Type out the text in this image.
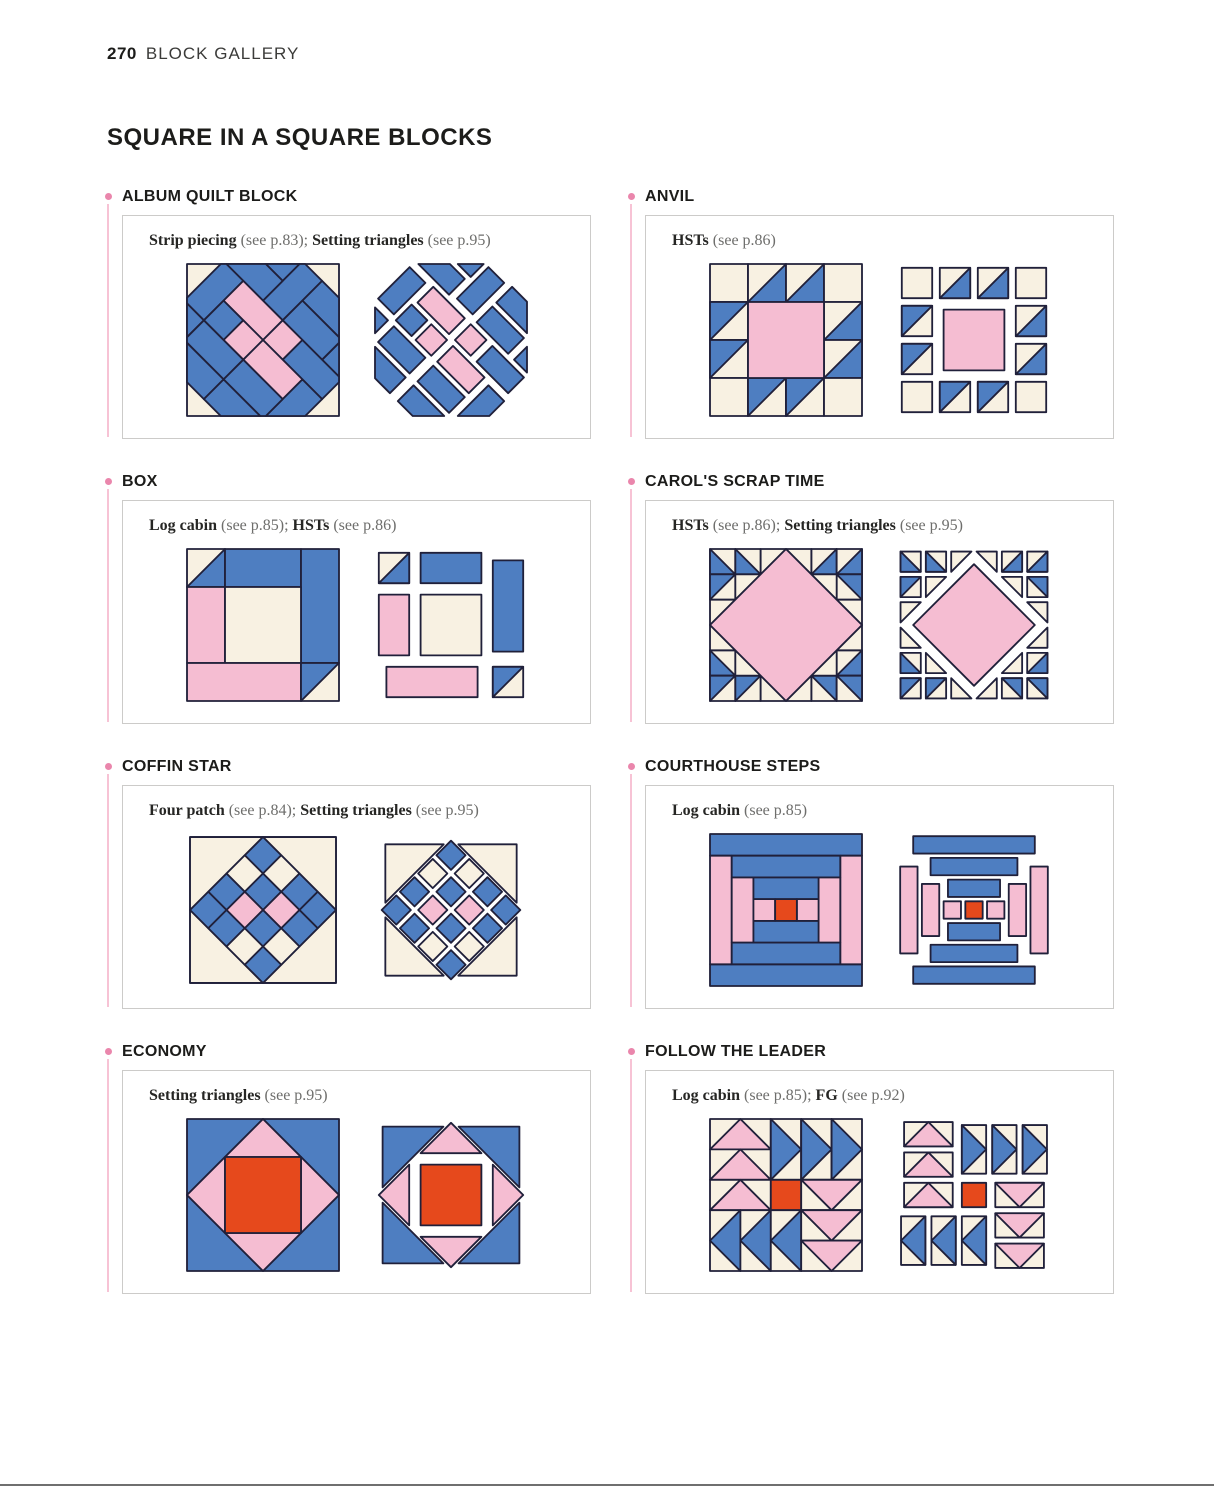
270 BLOCK GALLERY
SQUARE IN A SQUARE BLOCKS
ALBUM QUILT BLOCK

Strip piecing (see p.83); Setting triangles (see p.95)

ANVIL

HSTs (see p.86)

BOX

Log cabin (see p.85); HSTs (see p.86)

CAROL'S SCRAP TIME

HSTs (see p.86); Setting triangles (see p.95)

COFFIN STAR

Four patch (see p.84); Setting triangles (see p.95)

COURTHOUSE STEPS

Log cabin (see p.85)

ECONOMY

Setting triangles (see p.95)

FOLLOW THE LEADER

Log cabin (see p.85); FG (see p.92)
